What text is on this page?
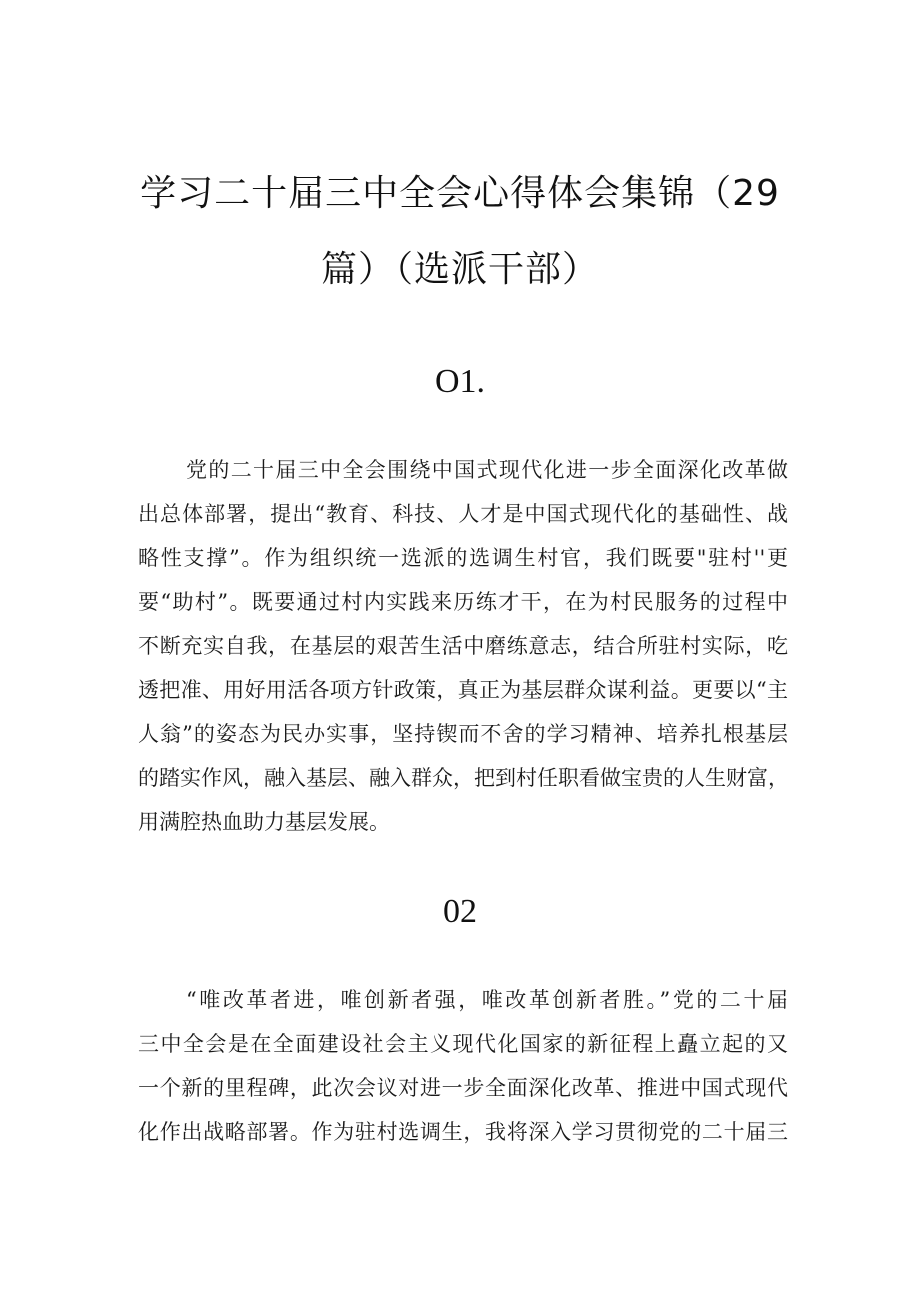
学习二十届三中全会心得体会集锦（29
篇）（选派干部）
O1.
党的二十届三中全会围绕中国式现代化进一步全面深化改革做
出总体部署，提出“教育、科技、人才是中国式现代化的基础性、战
略性支撑”。作为组织统一选派的选调生村官，我们既要"驻村''更
要“助村”。既要通过村内实践来历练才干，在为村民服务的过程中
不断充实自我，在基层的艰苦生活中磨练意志，结合所驻村实际，吃
透把准、用好用活各项方针政策，真正为基层群众谋利益。更要以“主
人翁”的姿态为民办实事，坚持锲而不舍的学习精神、培养扎根基层
的踏实作风，融入基层、融入群众，把到村任职看做宝贵的人生财富，
用满腔热血助力基层发展。
02
“唯改革者进，唯创新者强，唯改革创新者胜。”党的二十届
三中全会是在全面建设社会主义现代化国家的新征程上矗立起的又
一个新的里程碑，此次会议对进一步全面深化改革、推进中国式现代
化作出战略部署。作为驻村选调生，我将深入学习贯彻党的二十届三
